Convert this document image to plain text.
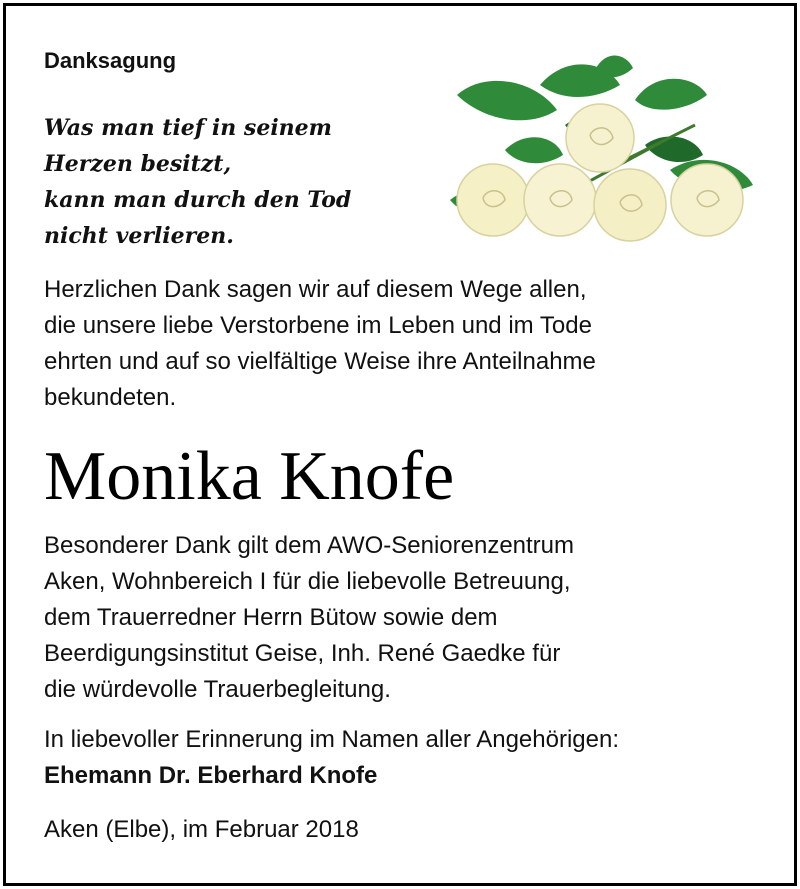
Danksagung
Was man tief in seinem
Herzen besitzt,
kann man durch den Tod
nicht verlieren.
Herzlichen Dank sagen wir auf diesem Wege allen,
die unsere liebe Verstorbene im Leben und im Tode
ehrten und auf so vielfältige Weise ihre Anteilnahme
bekundeten.
Monika Knofe
Besonderer Dank gilt dem AWO-Seniorenzentrum
Aken, Wohnbereich I für die liebevolle Betreuung,
dem Trauerredner Herrn Bütow sowie dem
Beerdigungsinstitut Geise, Inh. René Gaedke für
die würdevolle Trauerbegleitung.
In liebevoller Erinnerung im Namen aller Angehörigen:
Ehemann Dr. Eberhard Knofe
Aken (Elbe), im Februar 2018
